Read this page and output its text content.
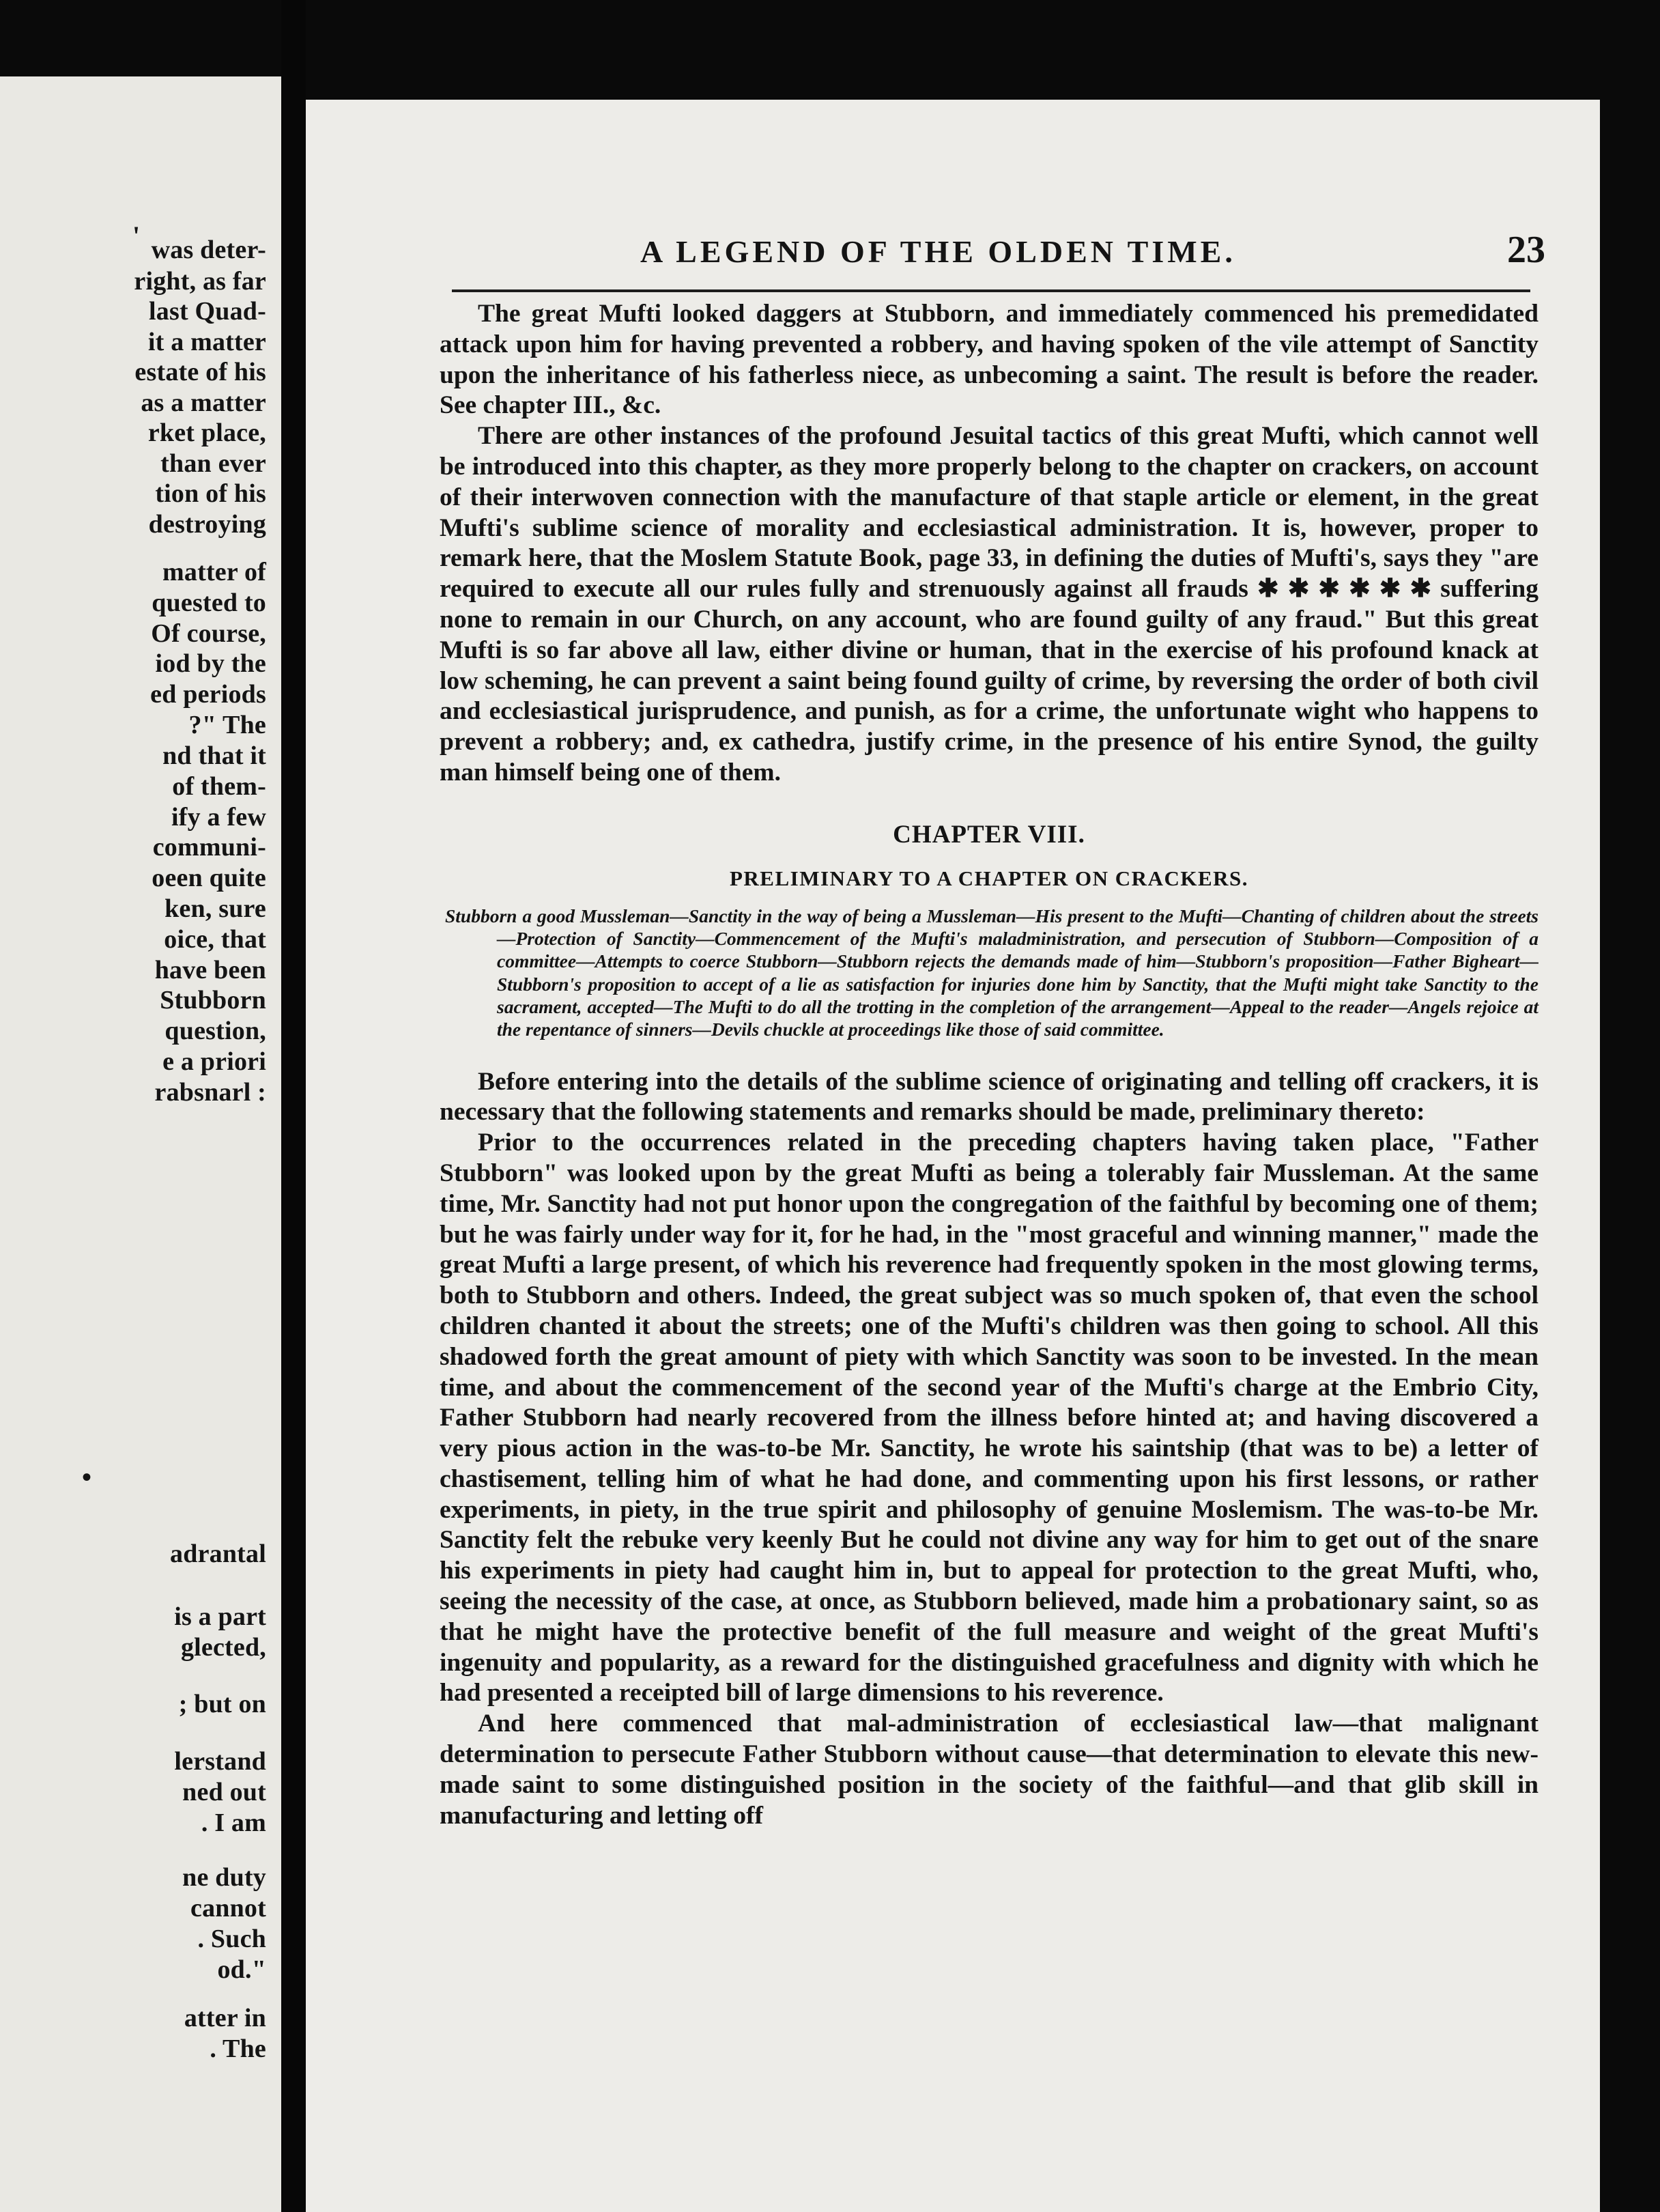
'
•
was deter-
right, as far
last Quad-
it a matter
estate of his
as a matter
rket place,
than ever
tion of his
destroying
matter of
quested to
Of course,
iod by the
ed periods
?" The
nd that it
of them-
ify a few
communi-
oeen quite
ken, sure
oice, that
have been
Stubborn
question,
e a priori
rabsnarl :
adrantal
is a part
glected,
; but on
lerstand
ned out
. I am
ne duty
cannot
. Such
od."
atter in
. The
A LEGEND OF THE OLDEN TIME.	23

The great Mufti looked daggers at Stubborn, and immediately commenced his premedidated attack upon him for having prevented a robbery, and having spoken of the vile attempt of Sanctity upon the inheritance of his fatherless niece, as unbecoming a saint. The result is before the reader. See chapter III., &c.

There are other instances of the profound Jesuital tactics of this great Mufti, which cannot well be introduced into this chapter, as they more properly belong to the chapter on crackers, on account of their interwoven connection with the manufacture of that staple article or element, in the great Mufti's sublime science of morality and ecclesiastical administration. It is, however, proper to remark here, that the Moslem Statute Book, page 33, in defining the duties of Mufti's, says they "are required to execute all our rules fully and strenuously against all frauds ✱ ✱ ✱ ✱ ✱ ✱ suffering none to remain in our Church, on any account, who are found guilty of any fraud." But this great Mufti is so far above all law, either divine or human, that in the exercise of his profound knack at low scheming, he can prevent a saint being found guilty of crime, by reversing the order of both civil and ecclesiastical jurisprudence, and punish, as for a crime, the unfortunate wight who happens to prevent a robbery; and, ex cathedra, justify crime, in the presence of his entire Synod, the guilty man himself being one of them.

CHAPTER VIII.
PRELIMINARY TO A CHAPTER ON CRACKERS.

Stubborn a good Mussleman—Sanctity in the way of being a Mussleman—His present to the Mufti—Chanting of children about the streets—Protection of Sanctity—Commencement of the Mufti's maladministration, and persecution of Stubborn—Composition of a committee—Attempts to coerce Stubborn—Stubborn rejects the demands made of him—Stubborn's proposition—Father Bigheart—Stubborn's proposition to accept of a lie as satisfaction for injuries done him by Sanctity, that the Mufti might take Sanctity to the sacrament, accepted—The Mufti to do all the trotting in the completion of the arrangement—Appeal to the reader—Angels rejoice at the repentance of sinners—Devils chuckle at proceedings like those of said committee.

Before entering into the details of the sublime science of originating and telling off crackers, it is necessary that the following statements and remarks should be made, preliminary thereto:

Prior to the occurrences related in the preceding chapters having taken place, "Father Stubborn" was looked upon by the great Mufti as being a tolerably fair Mussleman. At the same time, Mr. Sanctity had not put honor upon the congregation of the faithful by becoming one of them; but he was fairly under way for it, for he had, in the "most graceful and winning manner," made the great Mufti a large present, of which his reverence had frequently spoken in the most glowing terms, both to Stubborn and others. Indeed, the great subject was so much spoken of, that even the school children chanted it about the streets; one of the Mufti's children was then going to school. All this shadowed forth the great amount of piety with which Sanctity was soon to be invested. In the mean time, and about the commencement of the second year of the Mufti's charge at the Embrio City, Father Stubborn had nearly recovered from the illness before hinted at; and having discovered a very pious action in the was-to-be Mr. Sanctity, he wrote his saintship (that was to be) a letter of chastisement, telling him of what he had done, and commenting upon his first lessons, or rather experiments, in piety, in the true spirit and philosophy of genuine Moslemism. The was-to-be Mr. Sanctity felt the rebuke very keenly But he could not divine any way for him to get out of the snare his experiments in piety had caught him in, but to appeal for protection to the great Mufti, who, seeing the necessity of the case, at once, as Stubborn believed, made him a probationary saint, so as that he might have the protective benefit of the full measure and weight of the great Mufti's ingenuity and popularity, as a reward for the distinguished gracefulness and dignity with which he had presented a receipted bill of large dimensions to his reverence.

And here commenced that mal-administration of ecclesiastical law—that malignant determination to persecute Father Stubborn without cause—that determination to elevate this new-made saint to some distinguished position in the society of the faithful—and that glib skill in manufacturing and letting off
